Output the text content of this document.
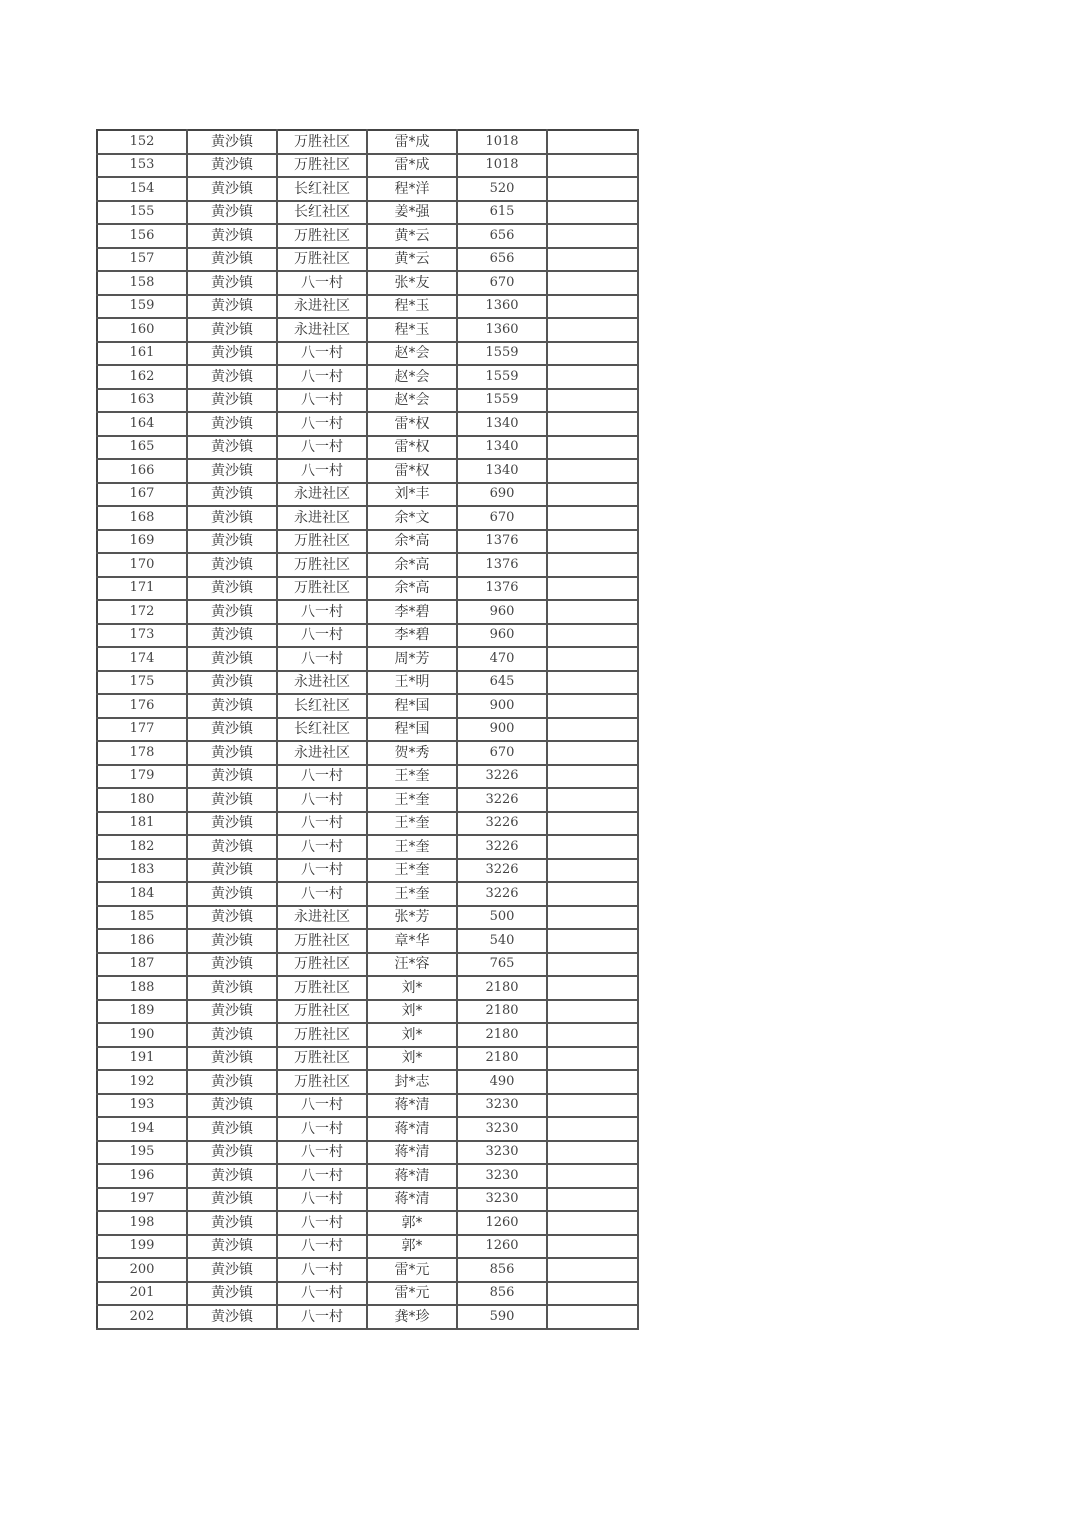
152	黄沙镇	万胜社区	雷*成	1018	
153	黄沙镇	万胜社区	雷*成	1018	
154	黄沙镇	长红社区	程*洋	520	
155	黄沙镇	长红社区	姜*强	615	
156	黄沙镇	万胜社区	黄*云	656	
157	黄沙镇	万胜社区	黄*云	656	
158	黄沙镇	八一村	张*友	670	
159	黄沙镇	永进社区	程*玉	1360	
160	黄沙镇	永进社区	程*玉	1360	
161	黄沙镇	八一村	赵*会	1559	
162	黄沙镇	八一村	赵*会	1559	
163	黄沙镇	八一村	赵*会	1559	
164	黄沙镇	八一村	雷*权	1340	
165	黄沙镇	八一村	雷*权	1340	
166	黄沙镇	八一村	雷*权	1340	
167	黄沙镇	永进社区	刘*丰	690	
168	黄沙镇	永进社区	余*文	670	
169	黄沙镇	万胜社区	余*高	1376	
170	黄沙镇	万胜社区	余*高	1376	
171	黄沙镇	万胜社区	余*高	1376	
172	黄沙镇	八一村	李*碧	960	
173	黄沙镇	八一村	李*碧	960	
174	黄沙镇	八一村	周*芳	470	
175	黄沙镇	永进社区	王*明	645	
176	黄沙镇	长红社区	程*国	900	
177	黄沙镇	长红社区	程*国	900	
178	黄沙镇	永进社区	贺*秀	670	
179	黄沙镇	八一村	王*奎	3226	
180	黄沙镇	八一村	王*奎	3226	
181	黄沙镇	八一村	王*奎	3226	
182	黄沙镇	八一村	王*奎	3226	
183	黄沙镇	八一村	王*奎	3226	
184	黄沙镇	八一村	王*奎	3226	
185	黄沙镇	永进社区	张*芳	500	
186	黄沙镇	万胜社区	章*华	540	
187	黄沙镇	万胜社区	汪*容	765	
188	黄沙镇	万胜社区	刘*	2180	
189	黄沙镇	万胜社区	刘*	2180	
190	黄沙镇	万胜社区	刘*	2180	
191	黄沙镇	万胜社区	刘*	2180	
192	黄沙镇	万胜社区	封*志	490	
193	黄沙镇	八一村	蒋*清	3230	
194	黄沙镇	八一村	蒋*清	3230	
195	黄沙镇	八一村	蒋*清	3230	
196	黄沙镇	八一村	蒋*清	3230	
197	黄沙镇	八一村	蒋*清	3230	
198	黄沙镇	八一村	郭*	1260	
199	黄沙镇	八一村	郭*	1260	
200	黄沙镇	八一村	雷*元	856	
201	黄沙镇	八一村	雷*元	856	
202	黄沙镇	八一村	龚*珍	590	
